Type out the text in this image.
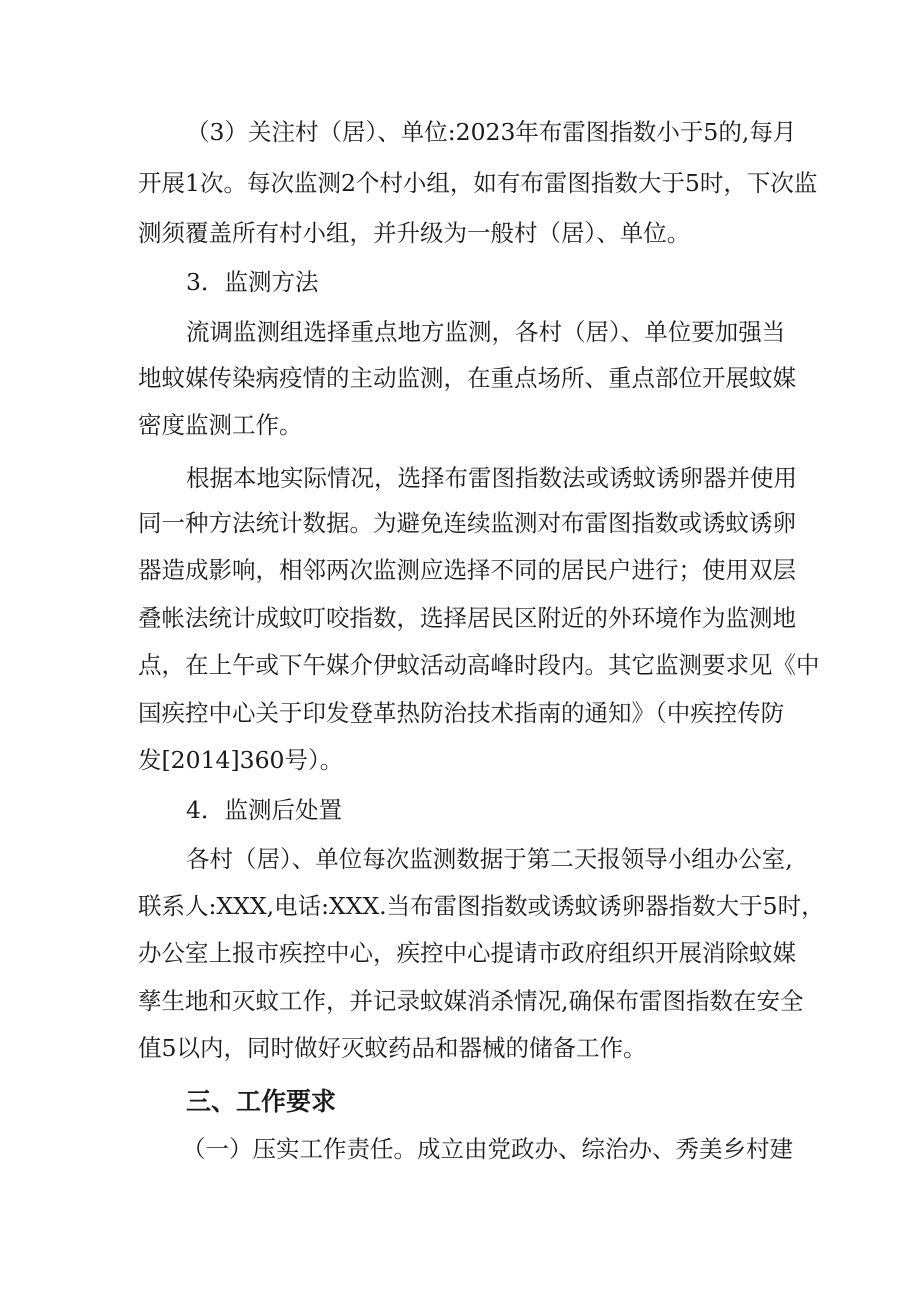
（3）关注村（居）、单位:2023年布雷图指数小于5的,每月
开展1次。每次监测2个村小组，如有布雷图指数大于5时，下次监
测须覆盖所有村小组，并升级为一般村（居）、单位。
3．监测方法
流调监测组选择重点地方监测，各村（居）、单位要加强当
地蚊媒传染病疫情的主动监测，在重点场所、重点部位开展蚊媒
密度监测工作。
根据本地实际情况，选择布雷图指数法或诱蚊诱卵器并使用
同一种方法统计数据。为避免连续监测对布雷图指数或诱蚊诱卵
器造成影响，相邻两次监测应选择不同的居民户进行；使用双层
叠帐法统计成蚊叮咬指数，选择居民区附近的外环境作为监测地
点，在上午或下午媒介伊蚊活动高峰时段内。其它监测要求见《中
国疾控中心关于印发登革热防治技术指南的通知》（中疾控传防
发[2014]360号）。
4．监测后处置
各村（居）、单位每次监测数据于第二天报领导小组办公室,
联系人:XXX,电话:XXX.当布雷图指数或诱蚊诱卵器指数大于5时，
办公室上报市疾控中心，疾控中心提请市政府组织开展消除蚊媒
孳生地和灭蚊工作，并记录蚊媒消杀情况,确保布雷图指数在安全
值5以内，同时做好灭蚊药品和器械的储备工作。
三、工作要求
（一）压实工作责任。成立由党政办、综治办、秀美乡村建
